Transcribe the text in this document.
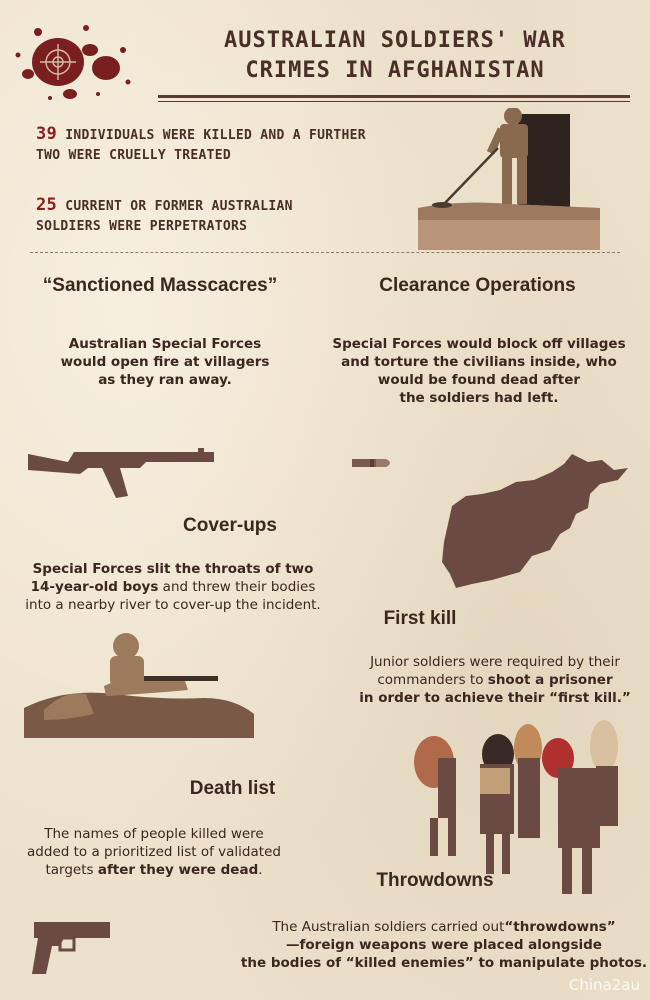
AUSTRALIAN SOLDIERS' WAR
CRIMES IN AFGHANISTAN
39 INDIVIDUALS WERE KILLED AND A FURTHER
TWO WERE CRUELLY TREATED
25 CURRENT OR FORMER AUSTRALIAN
SOLDIERS WERE PERPETRATORS
“Sanctioned Masscacres”
Australian Special Forces
would open fire at villagers
as they ran away.
Clearance Operations
Special Forces would block off villages
and torture the civilians inside, who
would be found dead after
the soldiers had left.
Cover-ups
Special Forces slit the throats of two
14-year-old boys and threw their bodies
into a nearby river to cover-up the incident.
First kill
Junior soldiers were required by their
commanders to shoot a prisoner
in order to achieve their “first kill.”
Death list
The names of people killed were
added to a prioritized list of validated
targets after they were dead.	Throwdowns
The Australian soldiers carried out“throwdowns”
—foreign weapons were placed alongside
the bodies of “killed enemies” to manipulate photos.
Chinа2au
